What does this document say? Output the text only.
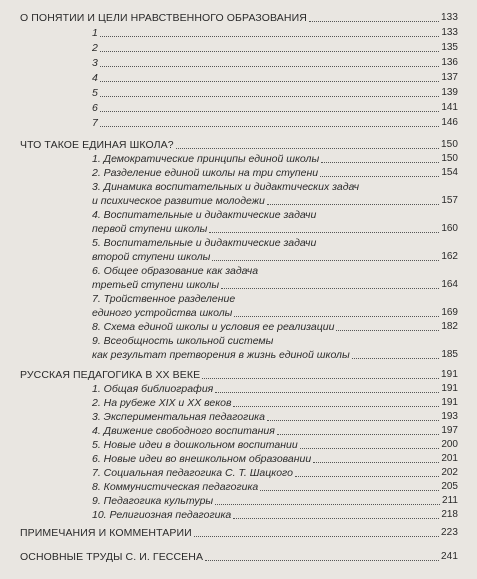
О ПОНЯТИИ И ЦЕЛИ НРАВСТВЕННОГО ОБРАЗОВАНИЯ	133
1	133
2	135
3	136
4	137
5	139
6	141
7	146
ЧТО ТАКОЕ ЕДИНАЯ ШКОЛА?	150
1. Демократические принципы единой школы	150
2. Разделение единой школы на три ступени	154
3. Динамика воспитательных и дидактических задач
и психическое развитие молодежи	157
4. Воспитательные и дидактические задачи
первой ступени школы	160
5. Воспитательные и дидактические задачи
второй ступени школы	162
6. Общее образование как задача
третьей ступени школы	164
7. Тройственное разделение
единого устройства школы	169
8. Схема единой школы и условия ее реализации	182
9. Всеобщность школьной системы
как результат претворения в жизнь единой школы	185
РУССКАЯ ПЕДАГОГИКА В XX ВЕКЕ	191
1. Общая библиография	191
2. На рубеже XIX и XX веков	191
3. Экспериментальная педагогика	193
4. Движение свободного воспитания	197
5. Новые идеи в дошкольном воспитании	200
6. Новые идеи во внешкольном образовании	201
7. Социальная педагогика С. Т. Шацкого	202
8. Коммунистическая педагогика	205
9. Педагогика культуры	211
10. Религиозная педагогика	218
ПРИМЕЧАНИЯ И КОММЕНТАРИИ	223
ОСНОВНЫЕ ТРУДЫ С. И. ГЕССЕНА	241
